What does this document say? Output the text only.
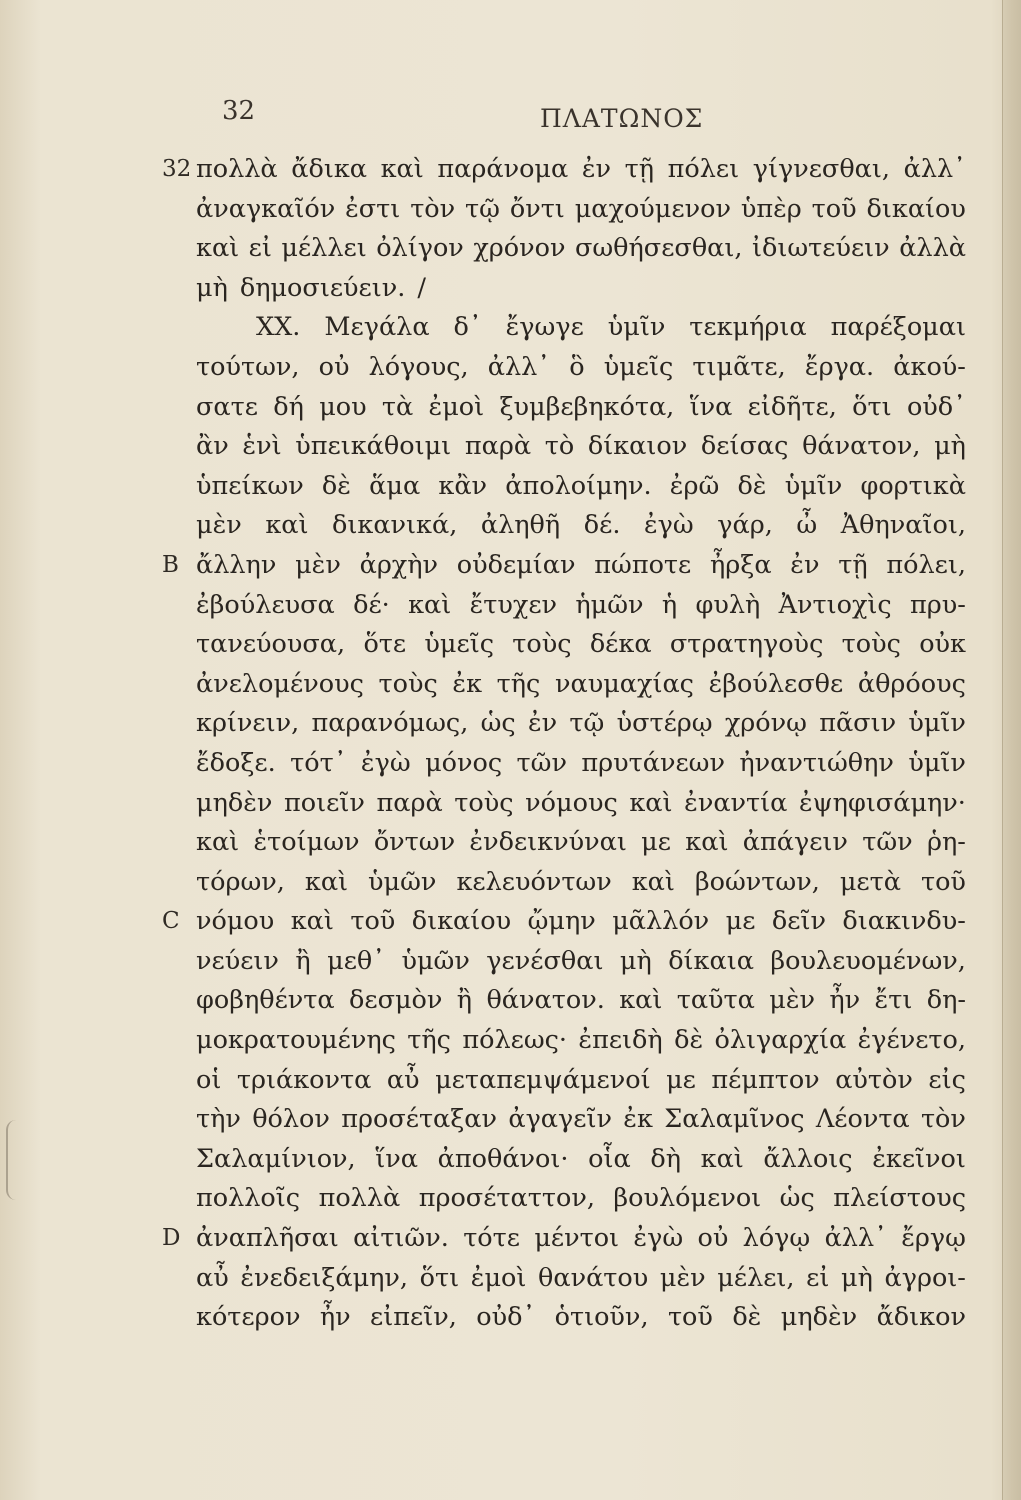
32	ΠΛΑΤΩΝΟΣ
32 πολλὰ ἄδικα καὶ παράνομα ἐν τῇ πόλει γίγνεσθαι, ἀλλ᾽
ἀναγκαῖόν ἐστι τὸν τῷ ὄντι μαχούμενον ὑπὲρ τοῦ δικαίου
καὶ εἰ μέλλει ὀλίγον χρόνον σωθήσεσθαι, ἰδιωτεύειν ἀλλὰ
μὴ δημοσιεύειν. /
XX. Μεγάλα δ᾽ ἔγωγε ὑμῖν τεκμήρια παρέξομαι
τούτων, οὐ λόγους, ἀλλ᾽ ὃ ὑμεῖς τιμᾶτε, ἔργα. ἀκού-
σατε δή μου τὰ ἐμοὶ ξυμβεβηκότα, ἵνα εἰδῆτε, ὅτι οὐδ᾽
ἂν ἑνὶ ὑπεικάθοιμι παρὰ τὸ δίκαιον δείσας θάνατον, μὴ
ὑπείκων δὲ ἅμα κἂν ἀπολοίμην. ἐρῶ δὲ ὑμῖν φορτικὰ
μὲν καὶ δικανικά, ἀληθῆ δέ. ἐγὼ γάρ, ὦ Ἀθηναῖοι,
B ἄλλην μὲν ἀρχὴν οὐδεμίαν πώποτε ἦρξα ἐν τῇ πόλει,
ἐβούλευσα δέ· καὶ ἔτυχεν ἡμῶν ἡ φυλὴ Ἀντιοχὶς πρυ-
τανεύουσα, ὅτε ὑμεῖς τοὺς δέκα στρατηγοὺς τοὺς οὐκ
ἀνελομένους τοὺς ἐκ τῆς ναυμαχίας ἐβούλεσθε ἀθρόους
κρίνειν, παρανόμως, ὡς ἐν τῷ ὑστέρῳ χρόνῳ πᾶσιν ὑμῖν
ἔδοξε. τότ᾽ ἐγὼ μόνος τῶν πρυτάνεων ἠναντιώθην ὑμῖν
μηδὲν ποιεῖν παρὰ τοὺς νόμους καὶ ἐναντία ἐψηφισάμην·
καὶ ἑτοίμων ὄντων ἐνδεικνύναι με καὶ ἀπάγειν τῶν ῥη-
τόρων, καὶ ὑμῶν κελευόντων καὶ βοώντων, μετὰ τοῦ
C νόμου καὶ τοῦ δικαίου ᾤμην μᾶλλόν με δεῖν διακινδυ-
νεύειν ἢ μεθ᾽ ὑμῶν γενέσθαι μὴ δίκαια βουλευομένων,
φοβηθέντα δεσμὸν ἢ θάνατον. καὶ ταῦτα μὲν ἦν ἔτι δη-
μοκρατουμένης τῆς πόλεως· ἐπειδὴ δὲ ὀλιγαρχία ἐγένετο,
οἱ τριάκοντα αὖ μεταπεμψάμενοί με πέμπτον αὐτὸν εἰς
τὴν θόλον προσέταξαν ἀγαγεῖν ἐκ Σαλαμῖνος Λέοντα τὸν
Σαλαμίνιον, ἵνα ἀποθάνοι· οἷα δὴ καὶ ἄλλοις ἐκεῖνοι
πολλοῖς πολλὰ προσέταττον, βουλόμενοι ὡς πλείστους
D ἀναπλῆσαι αἰτιῶν. τότε μέντοι ἐγὼ οὐ λόγῳ ἀλλ᾽ ἔργῳ
αὖ ἐνεδειξάμην, ὅτι ἐμοὶ θανάτου μὲν μέλει, εἰ μὴ ἀγροι-
κότερον ἦν εἰπεῖν, οὐδ᾽ ὁτιοῦν, τοῦ δὲ μηδὲν ἄδικον
